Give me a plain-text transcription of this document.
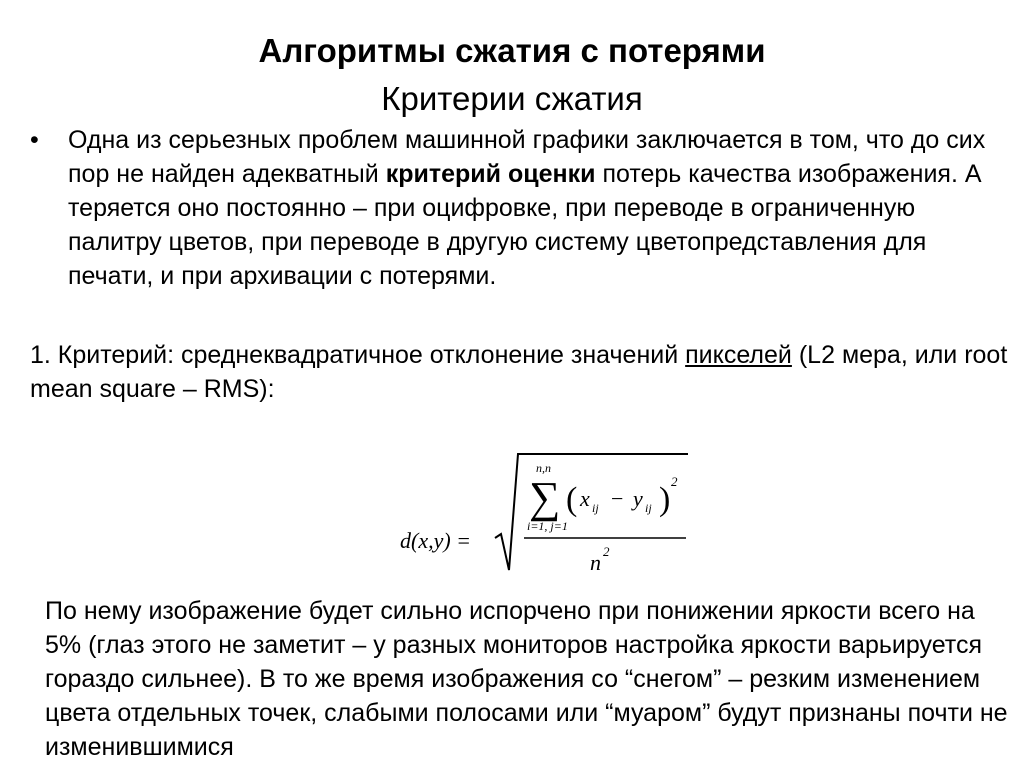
Алгоритмы сжатия с потерями
Критерии сжатия
•	Одна из серьезных проблем машинной графики заключается в том, что до сих пор не найден адекватный критерий оценки потерь качества изображения. А теряется оно постоянно – при оцифровке, при переводе в ограниченную палитру цветов, при переводе в другую систему цветопредставления для печати, и при архивации с потерями.
1. Критерий: среднеквадратичное отклонение значений пикселей (L2 мера, или root mean square – RMS):
d(x,y) =
n,n
∑
i=1, j=1
( x ij − y ij ) 2
n 2
По нему изображение будет сильно испорчено при понижении яркости всего на 5% (глаз этого не заметит – у разных мониторов настройка яркости варьируется гораздо сильнее). В то же время изображения со “снегом” – резким изменением цвета отдельных точек, слабыми полосами или “муаром” будут признаны почти не изменившимися
